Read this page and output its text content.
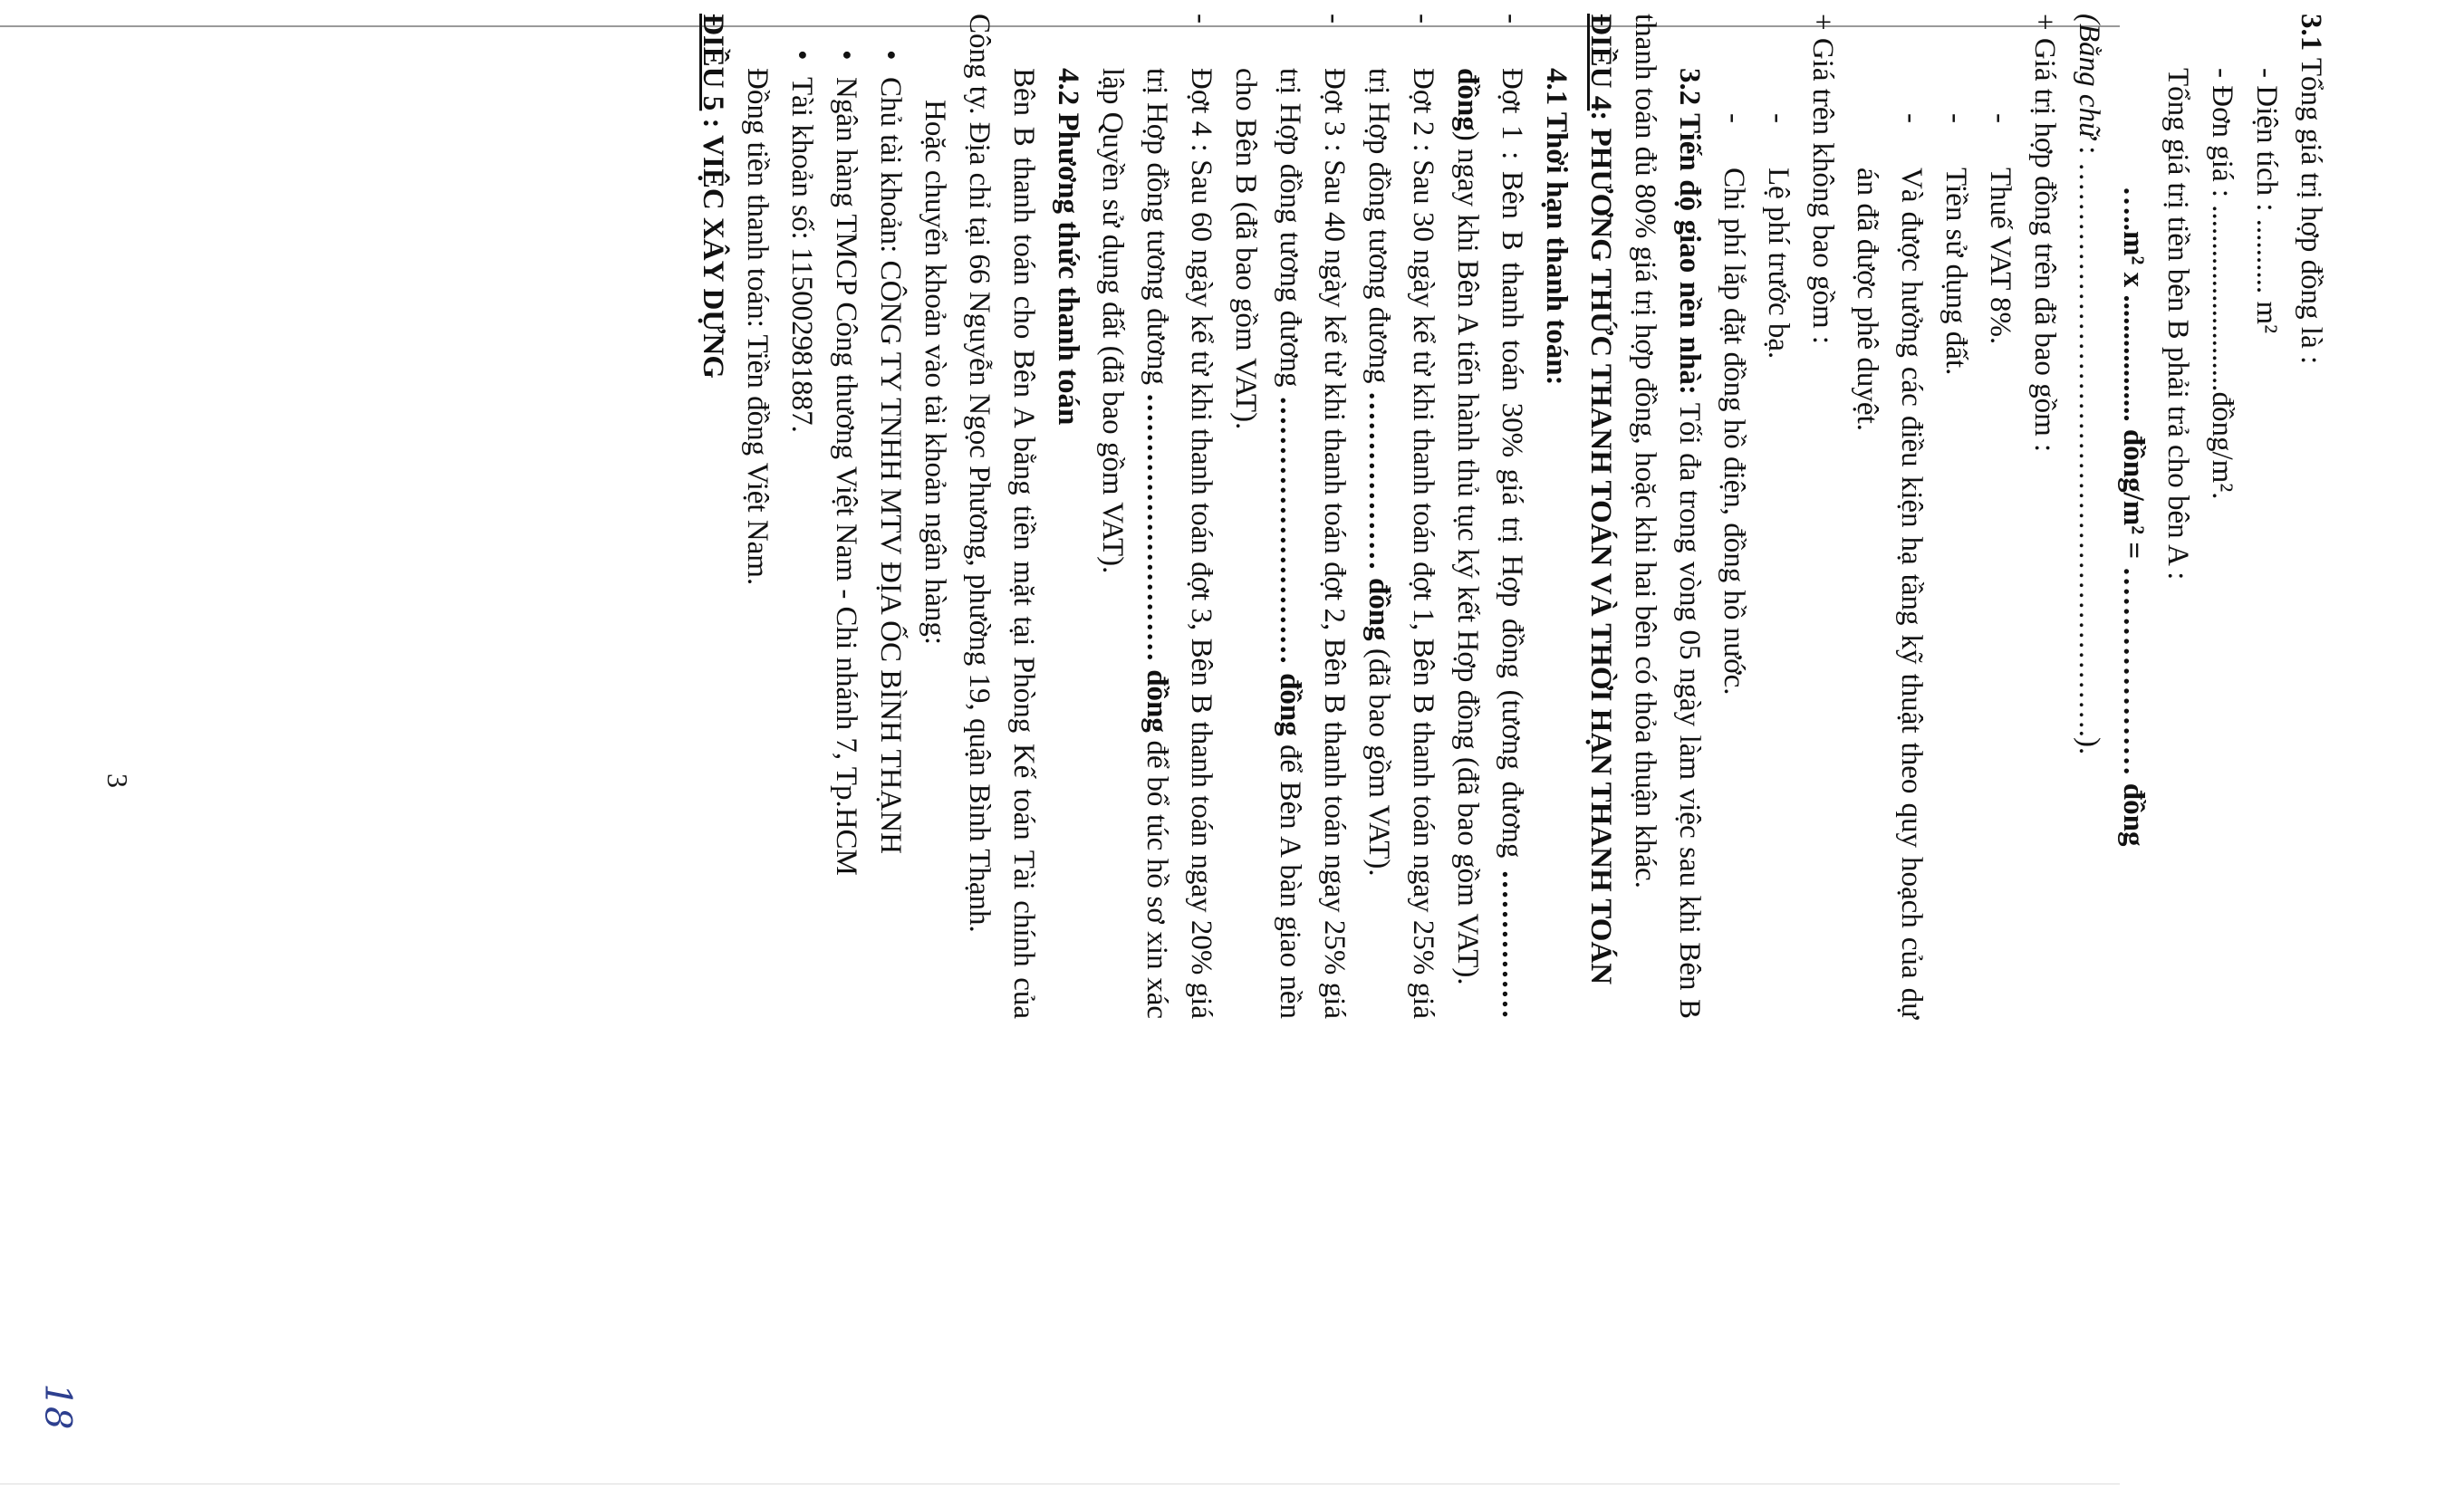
3.1 Tổng giá trị hợp đồng là :

- Diện tích : .......... m²

- Đơn giá : .........................đồng/m².

Tổng giá trị tiền bên B phải trả cho bên A :

…..m² x ................. đồng/m² = ………………… đồng

(Bằng chữ : ………………………………………………….).

+ Giá trị hợp đồng trên đã bao gồm :

-
Thuế VAT 8%.
-
Tiền sử dụng đất.
-
Và được hưởng các điều kiện hạ tầng kỹ thuật theo quy hoạch của dự án đã được phê duyệt.

+ Giá trên không bao gồm :

-
Lệ phí trước bạ.
-
Chi phí lắp đặt đồng hồ điện, đồng hồ nước.

3.2 Tiến độ giao nền nhà: Tối đa trong vòng 05 ngày làm việc sau khi Bên B thanh toán đủ 80% giá trị hợp đồng, hoặc khi hai bên có thỏa thuận khác.

ĐIỀU 4: PHƯƠNG THỨC THANH TOÁN VÀ THỜI HẠN THANH TOÁN

4.1 Thời hạn thanh toán:

-
Đợt 1 : Bên B thanh toán 30% giá trị Hợp đồng (tương đương …………… đồng) ngay khi Bên A tiến hành thủ tục ký kết Hợp đồng (đã bao gồm VAT).
-
Đợt 2 : Sau 30 ngày kể từ khi thanh toán đợt 1, Bên B thanh toán ngay 25% giá trị Hợp đồng tương đương ……………… đồng (đã bao gồm VAT).
-
Đợt 3 : Sau 40 ngày kể từ khi thanh toán đợt 2, Bên B thanh toán ngay 25% giá trị Hợp đồng tương đương ……………………… đồng để Bên A bàn giao nền cho Bên B (đã bao gồm VAT).
-
Đợt 4 : Sau 60 ngày kể từ khi thanh toán đợt 3, Bên B thanh toán ngay 20% giá trị Hợp đồng tương đương ……………………… đồng để bổ túc hồ sơ xin xác lập Quyền sử dụng đất (đã bao gồm VAT).

4.2 Phương thức thanh toán

Bên B thanh toán cho Bên A bằng tiền mặt tại Phòng Kế toán Tài chính của Công ty. Địa chỉ tại 66 Nguyễn Ngọc Phương, phường 19, quận Bình Thạnh.

Hoặc chuyển khoản vào tài khoản ngân hàng:

•
Chủ tài khoản: CÔNG TY TNHH MTV ĐỊA ỐC BÌNH THẠNH
•
Ngân hàng TMCP Công thương Việt Nam - Chi nhánh 7, Tp.HCM
•
Tài khoản số: 115002981887.

Đồng tiền thanh toán: Tiền đồng Việt Nam.

ĐIỀU 5 : VIỆC XÂY DỰNG

3
18
